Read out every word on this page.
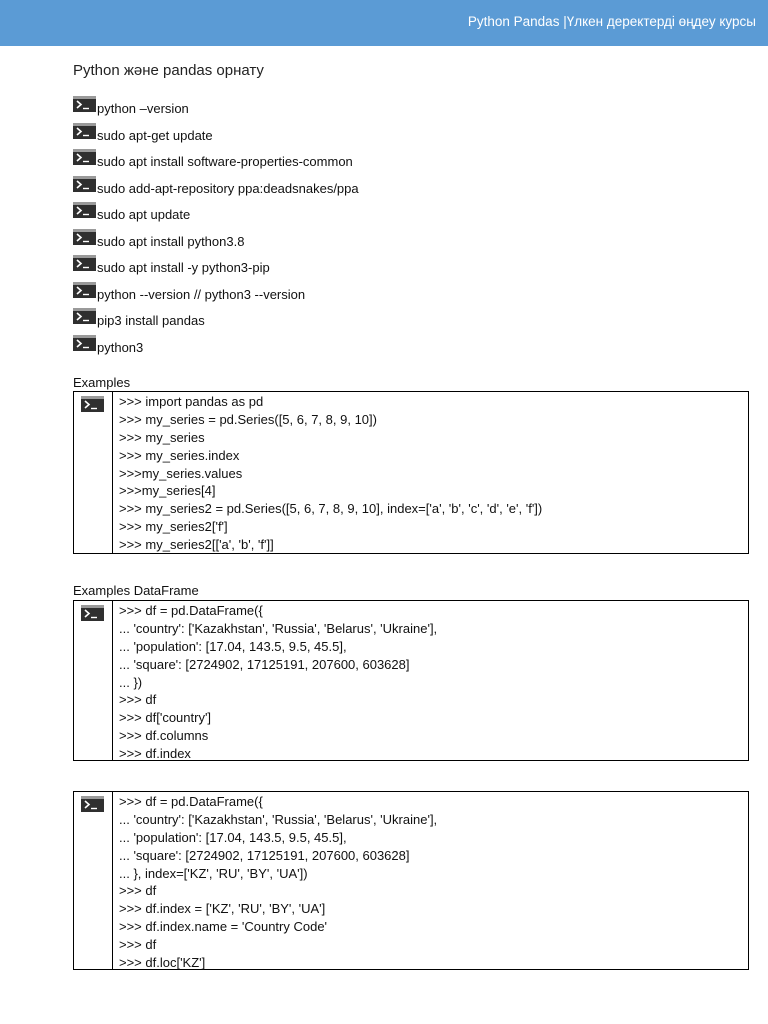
Python Pandas |Үлкен деректерді өңдеу курсы
Python және pandas орнату
python –version
sudo apt-get update
sudo apt install software-properties-common
sudo add-apt-repository ppa:deadsnakes/ppa
sudo apt update
sudo apt install python3.8
sudo apt install -y python3-pip
python --version // python3 --version
pip3 install pandas
python3
Examples
>>> import pandas as pd
>>> my_series = pd.Series([5, 6, 7, 8, 9, 10])
>>> my_series
>>> my_series.index
>>>my_series.values
>>>my_series[4]
>>> my_series2 = pd.Series([5, 6, 7, 8, 9, 10], index=['a', 'b', 'c', 'd', 'e', 'f'])
>>> my_series2['f']
>>> my_series2[['a', 'b', 'f']]
Examples DataFrame
>>> df = pd.DataFrame({
... 'country': ['Kazakhstan', 'Russia', 'Belarus', 'Ukraine'],
... 'population': [17.04, 143.5, 9.5, 45.5],
... 'square': [2724902, 17125191, 207600, 603628]
... })
>>> df
>>> df['country']
>>> df.columns
>>> df.index
>>> df = pd.DataFrame({
... 'country': ['Kazakhstan', 'Russia', 'Belarus', 'Ukraine'],
... 'population': [17.04, 143.5, 9.5, 45.5],
... 'square': [2724902, 17125191, 207600, 603628]
... }, index=['KZ', 'RU', 'BY', 'UA'])
>>> df
>>> df.index = ['KZ', 'RU', 'BY', 'UA']
>>> df.index.name = 'Country Code'
>>> df
>>> df.loc['KZ']
